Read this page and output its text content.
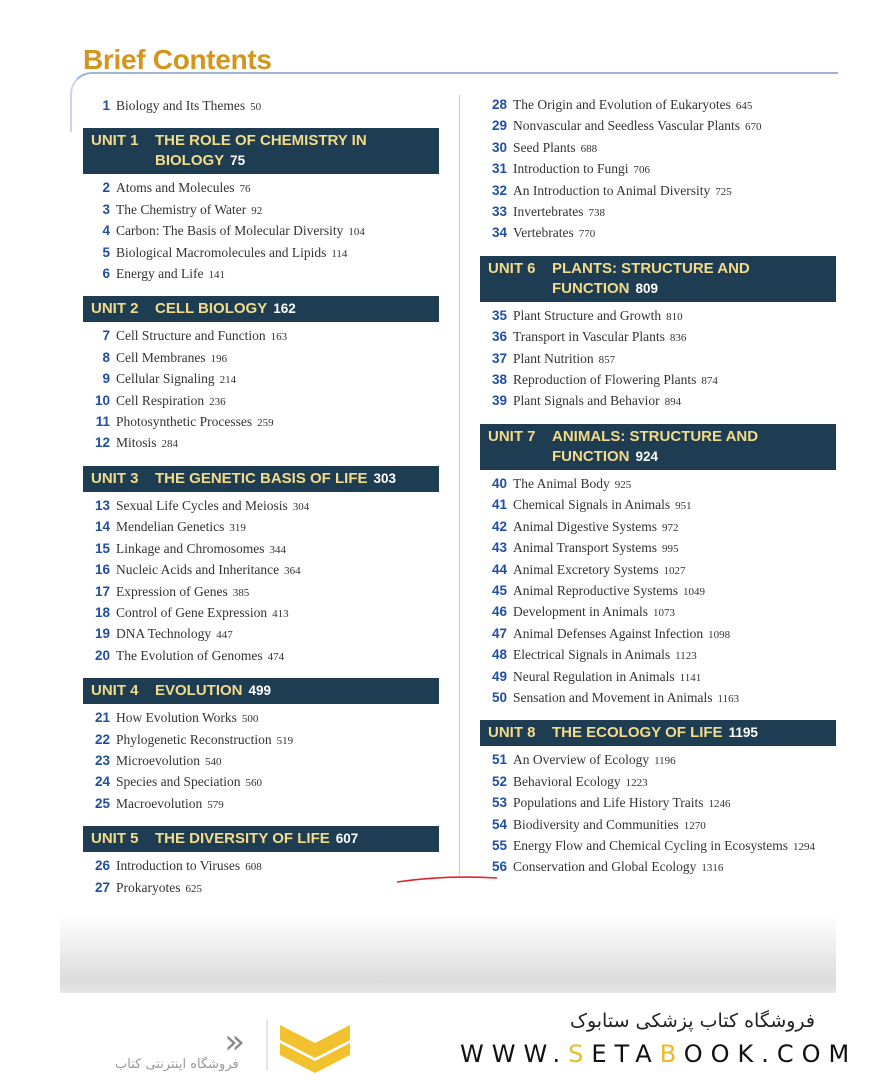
Brief Contents
1 Biology and Its Themes 50
UNIT 1	THE ROLE OF CHEMISTRY IN BIOLOGY 75
2 Atoms and Molecules 76
3 The Chemistry of Water 92
4 Carbon: The Basis of Molecular Diversity 104
5 Biological Macromolecules and Lipids 114
6 Energy and Life 141
UNIT 2	CELL BIOLOGY 162
7 Cell Structure and Function 163
8 Cell Membranes 196
9 Cellular Signaling 214
10 Cell Respiration 236
11 Photosynthetic Processes 259
12 Mitosis 284
UNIT 3	THE GENETIC BASIS OF LIFE 303
13 Sexual Life Cycles and Meiosis 304
14 Mendelian Genetics 319
15 Linkage and Chromosomes 344
16 Nucleic Acids and Inheritance 364
17 Expression of Genes 385
18 Control of Gene Expression 413
19 DNA Technology 447
20 The Evolution of Genomes 474
UNIT 4	EVOLUTION 499
21 How Evolution Works 500
22 Phylogenetic Reconstruction 519
23 Microevolution 540
24 Species and Speciation 560
25 Macroevolution 579
UNIT 5	THE DIVERSITY OF LIFE 607
26 Introduction to Viruses 608
27 Prokaryotes 625
28 The Origin and Evolution of Eukaryotes 645
29 Nonvascular and Seedless Vascular Plants 670
30 Seed Plants 688
31 Introduction to Fungi 706
32 An Introduction to Animal Diversity 725
33 Invertebrates 738
34 Vertebrates 770
UNIT 6	PLANTS: STRUCTURE AND FUNCTION 809
35 Plant Structure and Growth 810
36 Transport in Vascular Plants 836
37 Plant Nutrition 857
38 Reproduction of Flowering Plants 874
39 Plant Signals and Behavior 894
UNIT 7	ANIMALS: STRUCTURE AND FUNCTION 924
40 The Animal Body 925
41 Chemical Signals in Animals 951
42 Animal Digestive Systems 972
43 Animal Transport Systems 995
44 Animal Excretory Systems 1027
45 Animal Reproductive Systems 1049
46 Development in Animals 1073
47 Animal Defenses Against Infection 1098
48 Electrical Signals in Animals 1123
49 Neural Regulation in Animals 1141
50 Sensation and Movement in Animals 1163
UNIT 8	THE ECOLOGY OF LIFE 1195
51 An Overview of Ecology 1196
52 Behavioral Ecology 1223
53 Populations and Life History Traits 1246
54 Biodiversity and Communities 1270
55 Energy Flow and Chemical Cycling in Ecosystems 1294
56 Conservation and Global Ecology 1316
»
فروشگاه اینترنتی کتاب
فروشگاه کتاب پزشکی ستابوک
WWW.SETABOOK.COM
